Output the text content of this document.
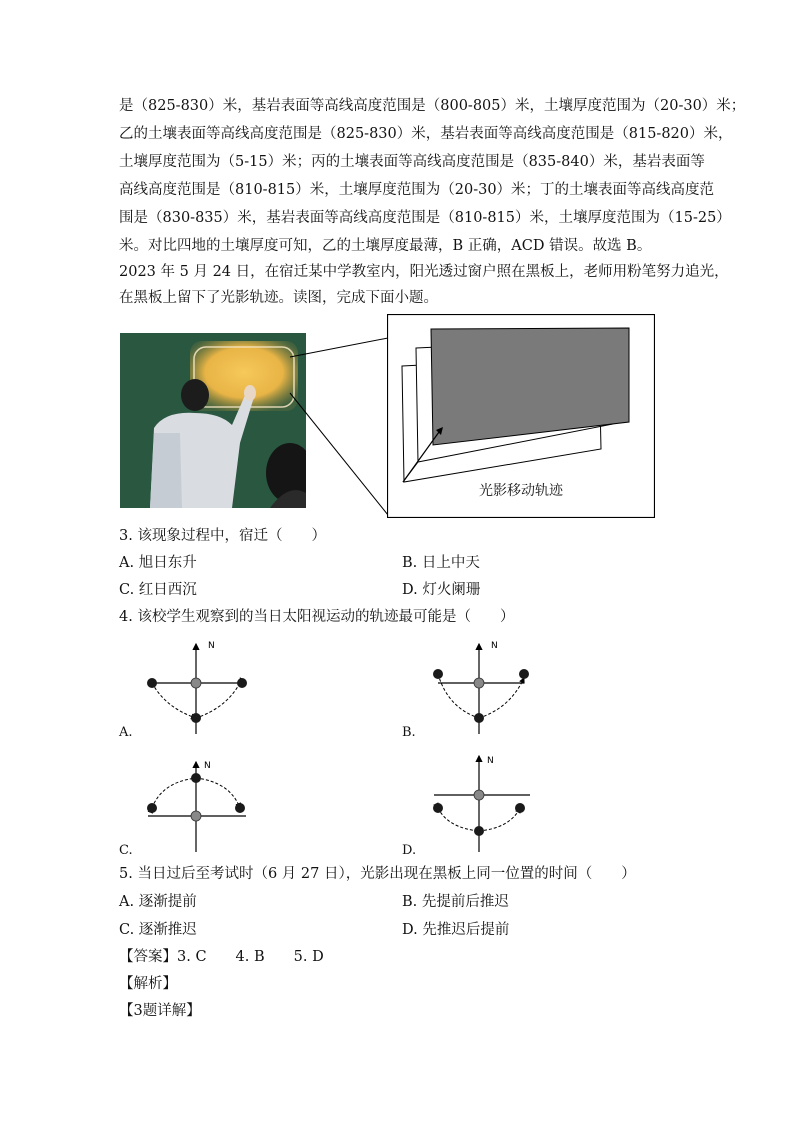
是（825-830）米，基岩表面等高线高度范围是（800-805）米，土壤厚度范围为（20-30）米；
乙的土壤表面等高线高度范围是（825-830）米，基岩表面等高线高度范围是（815-820）米，
土壤厚度范围为（5-15）米；丙的土壤表面等高线高度范围是（835-840）米，基岩表面等
高线高度范围是（810-815）米，土壤厚度范围为（20-30）米；丁的土壤表面等高线高度范
围是（830-835）米，基岩表面等高线高度范围是（810-815）米，土壤厚度范围为（15-25）
米。对比四地的土壤厚度可知，乙的土壤厚度最薄，B 正确，ACD 错误。故选 B。
2023 年 5 月 24 日，在宿迁某中学教室内，阳光透过窗户照在黑板上，老师用粉笔努力追光，
在黑板上留下了光影轨迹。读图，完成下面小题。
光影移动轨迹
3. 该现象过程中，宿迁（　　）
A. 旭日东升	B. 日上中天
C. 红日西沉	D. 灯火阑珊
4. 该校学生观察到的当日太阳视运动的轨迹最可能是（　　）
N
A.
N
B.
N
C.
N
D.
5. 当日过后至考试时（6 月 27 日），光影出现在黑板上同一位置的时间（　　）
A. 逐渐提前	B. 先提前后推迟
C. 逐渐推迟	D. 先推迟后提前
【答案】3. C　　4. B　　5. D
【解析】
【3题详解】
